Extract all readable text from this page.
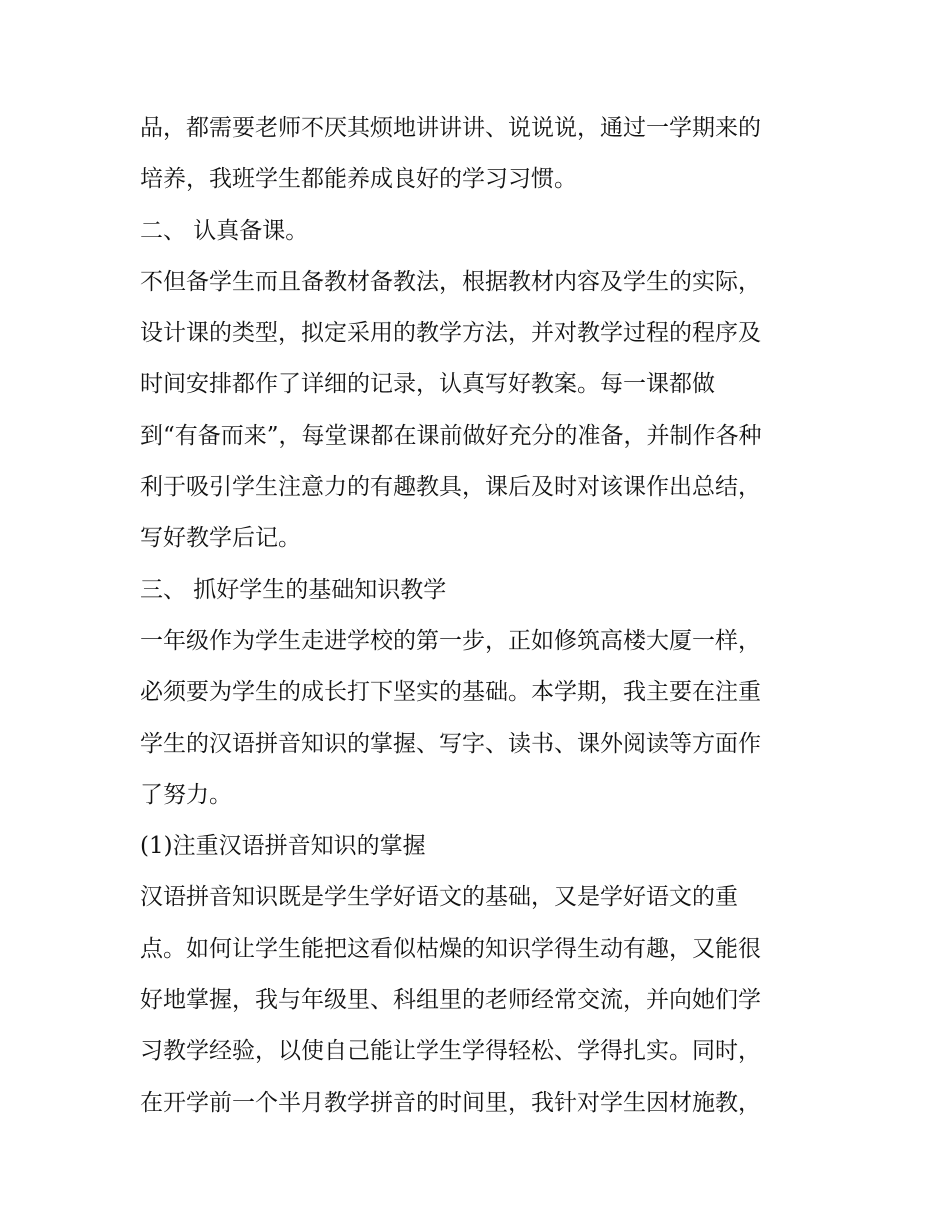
品，都需要老师不厌其烦地讲讲讲、说说说，通过一学期来的
培养，我班学生都能养成良好的学习习惯。
二、 认真备课。
不但备学生而且备教材备教法，根据教材内容及学生的实际，
设计课的类型，拟定采用的教学方法，并对教学过程的程序及
时间安排都作了详细的记录，认真写好教案。每一课都做
到“有备而来”，每堂课都在课前做好充分的准备，并制作各种
利于吸引学生注意力的有趣教具，课后及时对该课作出总结，
写好教学后记。
三、 抓好学生的基础知识教学
一年级作为学生走进学校的第一步，正如修筑高楼大厦一样，
必须要为学生的成长打下坚实的基础。本学期，我主要在注重
学生的汉语拼音知识的掌握、写字、读书、课外阅读等方面作
了努力。
(1)注重汉语拼音知识的掌握
汉语拼音知识既是学生学好语文的基础，又是学好语文的重
点。如何让学生能把这看似枯燥的知识学得生动有趣，又能很
好地掌握，我与年级里、科组里的老师经常交流，并向她们学
习教学经验，以使自己能让学生学得轻松、学得扎实。同时，
在开学前一个半月教学拼音的时间里，我针对学生因材施教，
